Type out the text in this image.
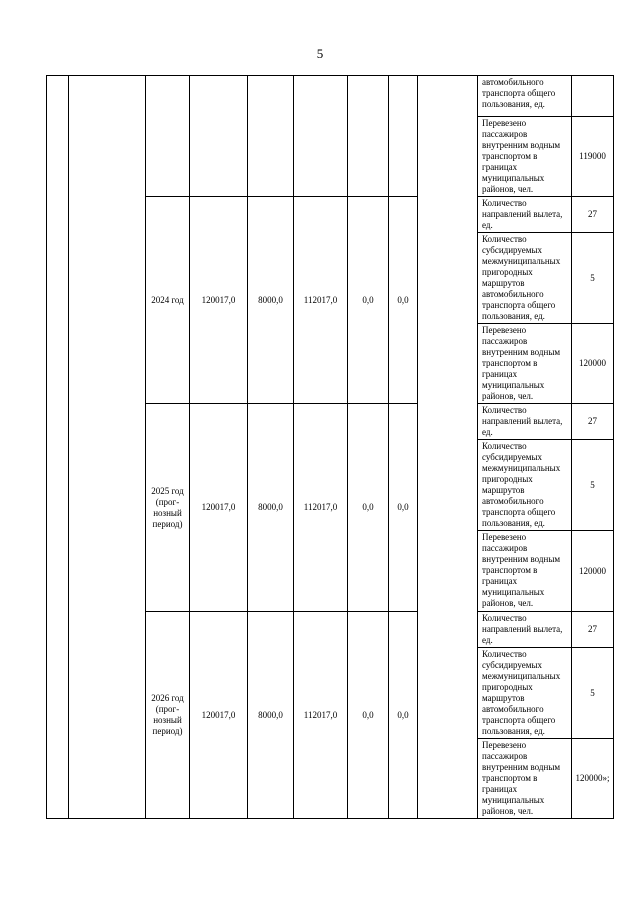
5
									автомобильного транспорта общего пользования, ед.	
									Перевезено пассажиров внутренним водным транспортом в границах муниципальных районов, чел.	119000
		2024 год	120017,0	8000,0	112017,0	0,0	0,0		Количество направлений вылета, ед.	27
									Количество субсидируемых межмуниципальных пригородных маршрутов автомобильного транспорта общего пользования, ед.	5
									Перевезено пассажиров внутренним водным транспортом в границах муниципальных районов, чел.	120000
		2025 год (прог-нозный период)	120017,0	8000,0	112017,0	0,0	0,0		Количество направлений вылета, ед.	27
									Количество субсидируемых межмуниципальных пригородных маршрутов автомобильного транспорта общего пользования, ед.	5
									Перевезено пассажиров внутренним водным транспортом в границах муниципальных районов, чел.	120000
		2026 год (прог-нозный период)	120017,0	8000,0	112017,0	0,0	0,0		Количество направлений вылета, ед.	27
									Количество субсидируемых межмуниципальных пригородных маршрутов автомобильного транспорта общего пользования, ед.	5
									Перевезено пассажиров внутренним водным транспортом в границах муниципальных районов, чел.	120000»;
